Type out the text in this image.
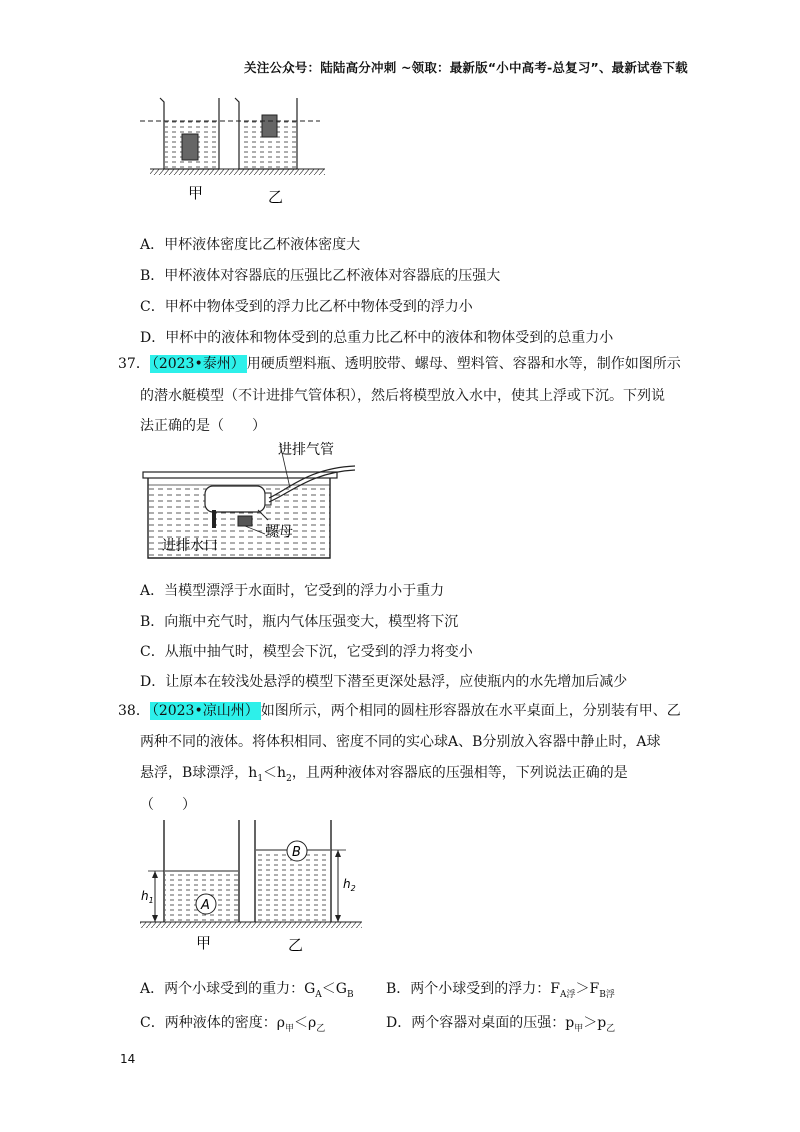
关注公众号：陆陆高分冲刺 ~领取：最新版“小中高考-总复习”、最新试卷下载
甲	乙
A．甲杯液体密度比乙杯液体密度大
B．甲杯液体对容器底的压强比乙杯液体对容器底的压强大
C．甲杯中物体受到的浮力比乙杯中物体受到的浮力小
D．甲杯中的液体和物体受到的总重力比乙杯中的液体和物体受到的总重力小
37． （2023•泰州） 用硬质塑料瓶、透明胶带、螺母、塑料管、容器和水等，制作如图所示
的潜水艇模型（不计进排气管体积），然后将模型放入水中，使其上浮或下沉。下列说
法正确的是（　　）
进排气管
螺母
进排水口
A．当模型漂浮于水面时，它受到的浮力小于重力
B．向瓶中充气时，瓶内气体压强变大，模型将下沉
C．从瓶中抽气时，模型会下沉，它受到的浮力将变小
D．让原本在较浅处悬浮的模型下潜至更深处悬浮，应使瓶内的水先增加后减少
38． （2023•凉山州） 如图所示，两个相同的圆柱形容器放在水平桌面上，分别装有甲、乙
两种不同的液体。将体积相同、密度不同的实心球A、B分别放入容器中静止时，A球
悬浮，B球漂浮，$h_1<h_2$，且两种液体对容器底的压强相等，下列说法正确的是
（　　）
A
$h_1$
B
$h_2$
甲	乙
A．两个小球受到的重力：$G_A<G_B$ B．两个小球受到的浮力：$F_{A浮}>F_{B浮}$
C．两种液体的密度：$\rho_甲<\rho_乙$	D．两个容器对桌面的压强：$p_甲>p_乙$
14
